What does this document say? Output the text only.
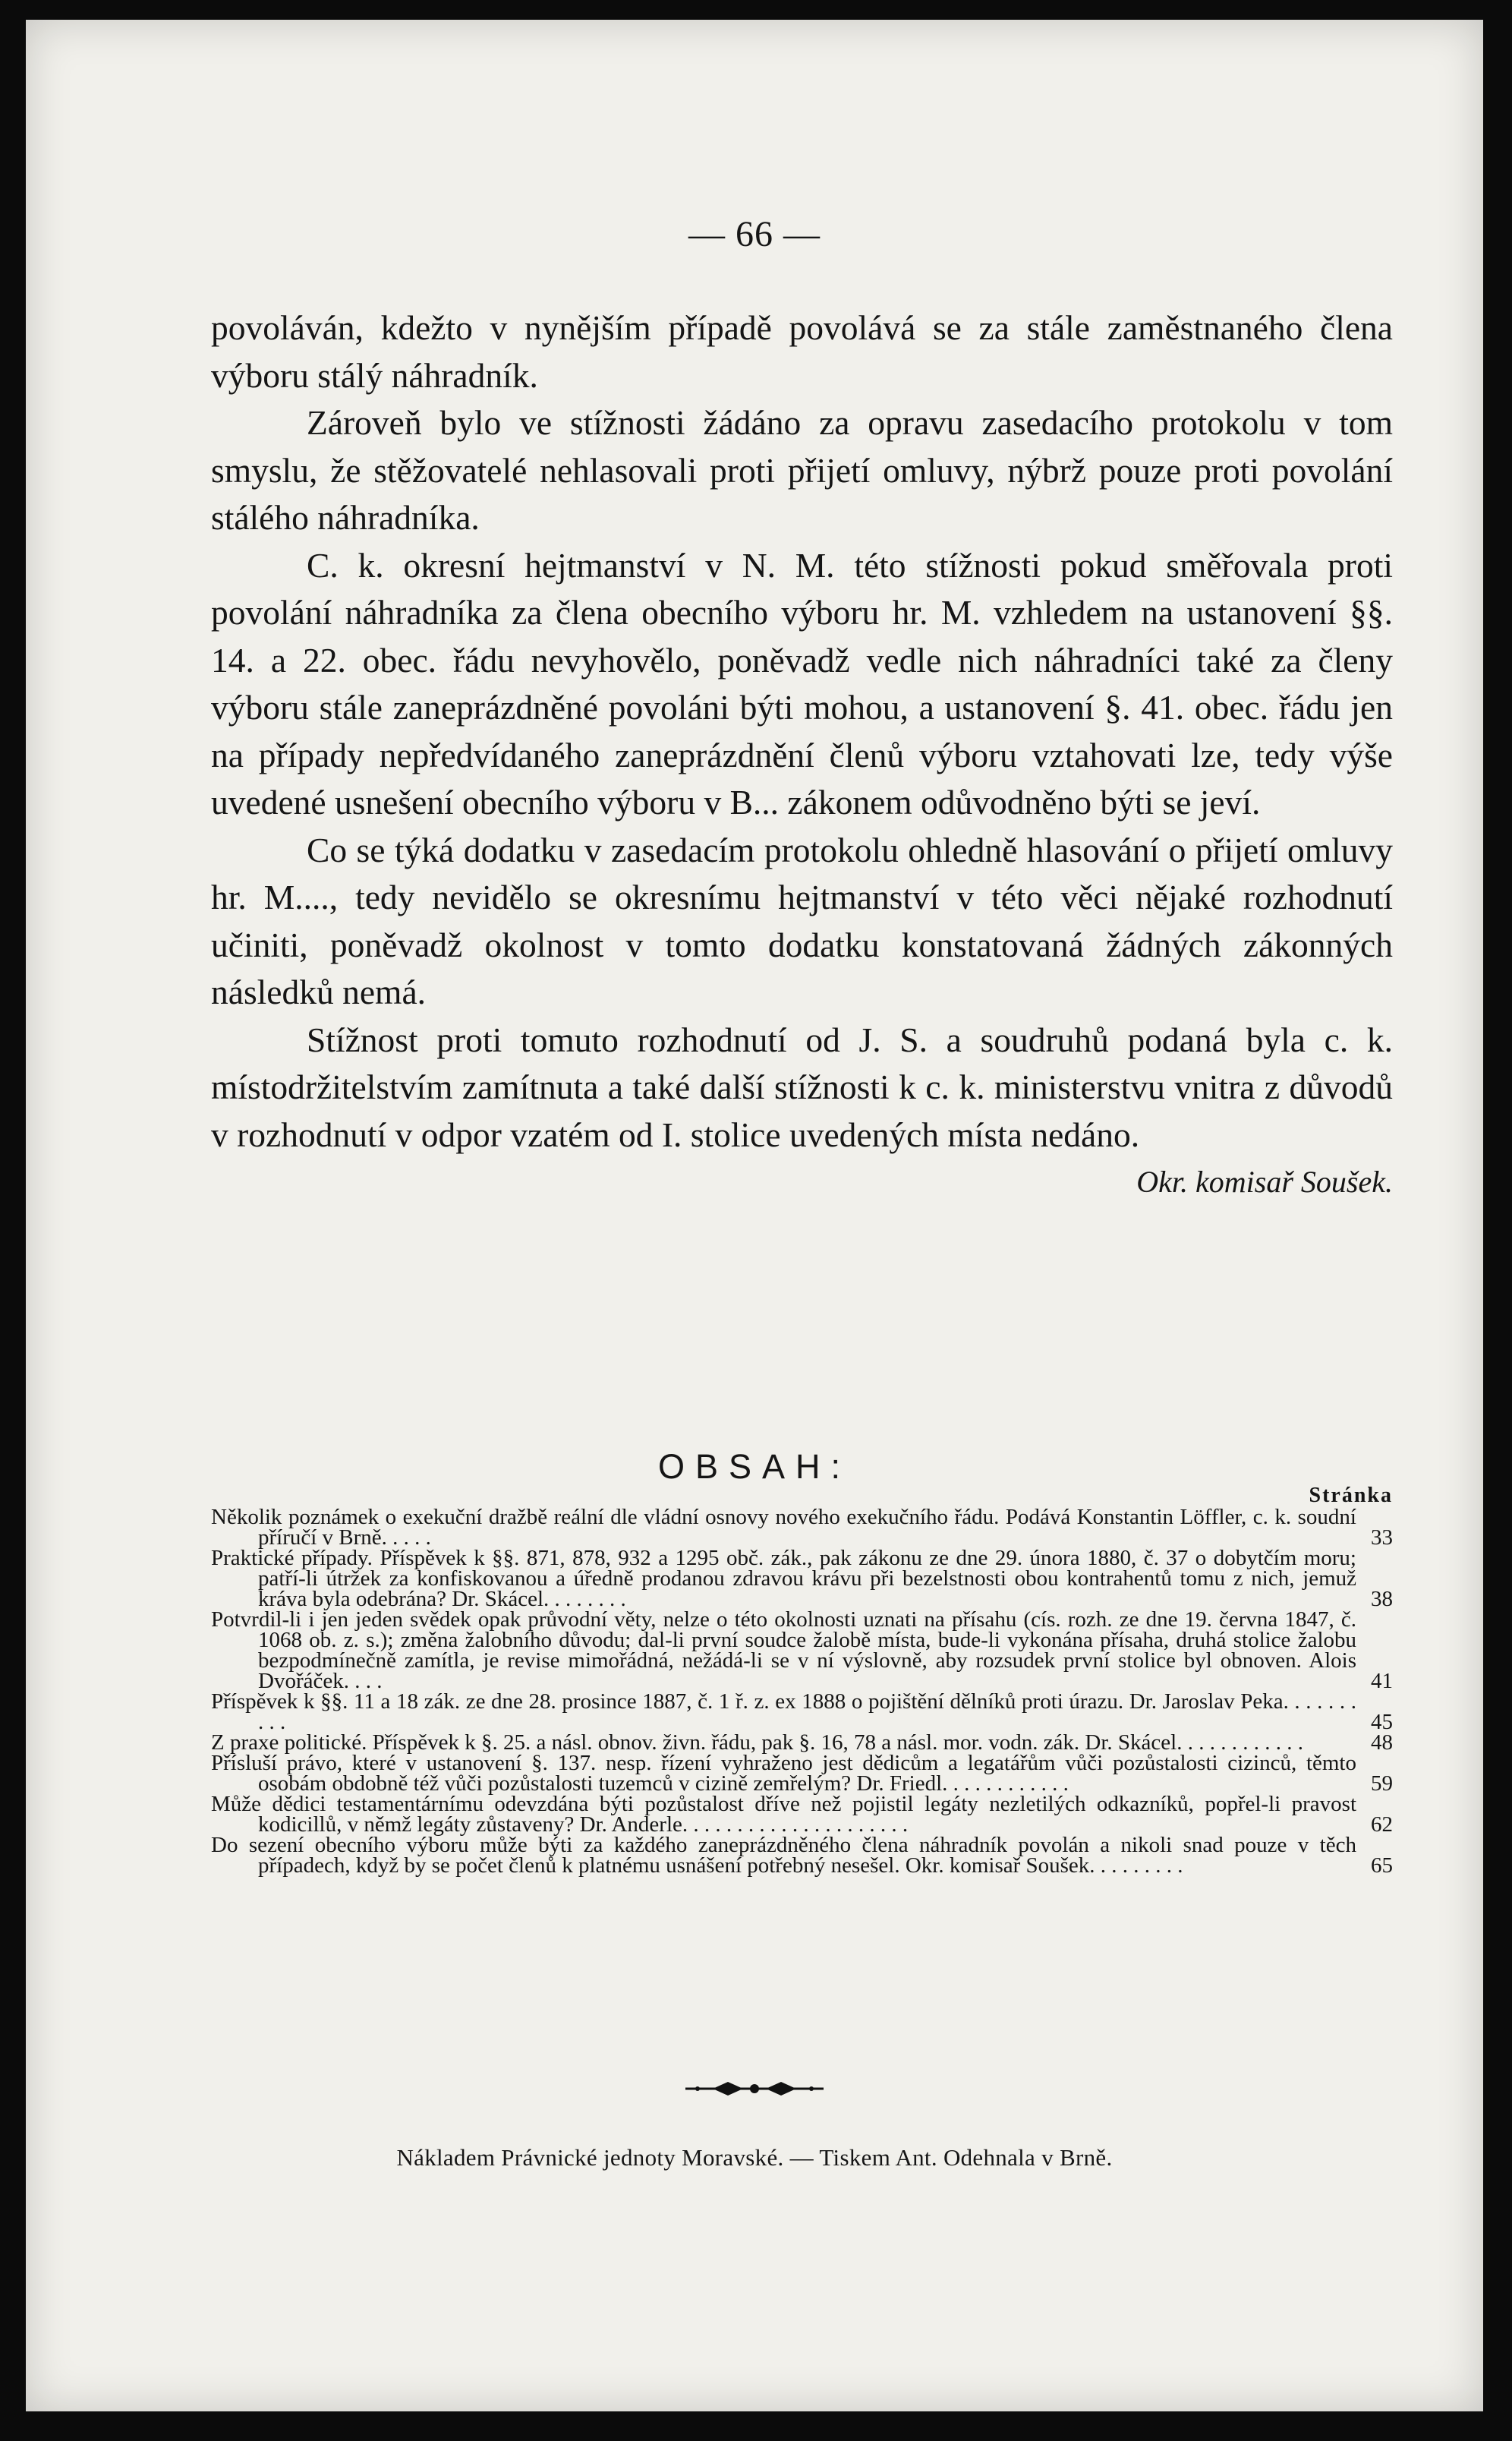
— 66 —

povoláván, kdežto v nynějším případě povolává se za stále zaměstnaného člena výboru stálý náhradník.

Zároveň bylo ve stížnosti žádáno za opravu zasedacího protokolu v tom smyslu, že stěžovatelé nehlasovali proti přijetí omluvy, nýbrž pouze proti povolání stálého náhradníka.

C. k. okresní hejtmanství v N. M. této stížnosti pokud směřovala proti povolání náhradníka za člena obecního výboru hr. M. vzhledem na ustanovení §§. 14. a 22. obec. řádu nevyhovělo, poněvadž vedle nich náhradníci také za členy výboru stále zaneprázdněné povoláni býti mohou, a ustanovení §. 41. obec. řádu jen na případy nepředvídaného zaneprázdnění členů výboru vztahovati lze, tedy výše uvedené usnešení obecního výboru v B... zákonem odůvodněno býti se jeví.

Co se týká dodatku v zasedacím protokolu ohledně hlasování o přijetí omluvy hr. M...., tedy nevidělo se okresnímu hejtmanství v této věci nějaké rozhodnutí učiniti, poněvadž okolnost v tomto dodatku konstatovaná žádných zákonných následků nemá.

Stížnost proti tomuto rozhodnutí od J. S. a soudruhů podaná byla c. k. místodržitelstvím zamítnuta a také další stížnosti k c. k. ministerstvu vnitra z důvodů v rozhodnutí v odpor vzatém od I. stolice uvedených místa nedáno.
Okr. komisař Soušek.

OBSAH:
Stránka
Několik poznámek o exekuční dražbě reální dle vládní osnovy nového exekučního řádu. Podává Konstantin Löffler, c. k. soudní příručí v Brně. . . . .	33
Praktické případy. Příspěvek k §§. 871, 878, 932 a 1295 obč. zák., pak zákonu ze dne 29. února 1880, č. 37 o dobytčím moru; patří-li útržek za konfiskovanou a úředně prodanou zdravou krávu při bezelstnosti obou kontrahentů tomu z nich, jemuž kráva byla odebrána? Dr. Skácel. . . . . . . .	38
Potvrdil-li i jen jeden svědek opak průvodní věty, nelze o této okolnosti uznati na přísahu (cís. rozh. ze dne 19. června 1847, č. 1068 ob. z. s.); změna žalobního důvodu; dal-li první soudce žalobě místa, bude-li vykonána přísaha, druhá stolice žalobu bezpodmínečně zamítla, je revise mimořádná, nežádá-li se v ní výslovně, aby rozsudek první stolice byl obnoven. Alois Dvořáček. . . .	41
Příspěvek k §§. 11 a 18 zák. ze dne 28. prosince 1887, č. 1 ř. z. ex 1888 o pojištění dělníků proti úrazu. Dr. Jaroslav Peka. . . . . . . . . .	45
Z praxe politické. Příspěvek k §. 25. a násl. obnov. živn. řádu, pak §. 16, 78 a násl. mor. vodn. zák. Dr. Skácel. . . . . . . . . . . .	48
Přísluší právo, které v ustanovení §. 137. nesp. řízení vyhraženo jest dědicům a legatářům vůči pozůstalosti cizinců, těmto osobám obdobně též vůči pozůstalosti tuzemců v cizině zemřelým? Dr. Friedl. . . . . . . . . . . .	59
Může dědici testamentárnímu odevzdána býti pozůstalost dříve než pojistil legáty nezletilých odkazníků, popřel-li pravost kodicillů, v němž legáty zůstaveny? Dr. Anderle. . . . . . . . . . . . . . . . . . . . .	62
Do sezení obecního výboru může býti za každého zaneprázdněného člena náhradník povolán a nikoli snad pouze v těch případech, když by se počet členů k platnému usnášení potřebný nesešel. Okr. komisař Soušek. . . . . . . . .	65
Nákladem Právnické jednoty Moravské. — Tiskem Ant. Odehnala v Brně.
